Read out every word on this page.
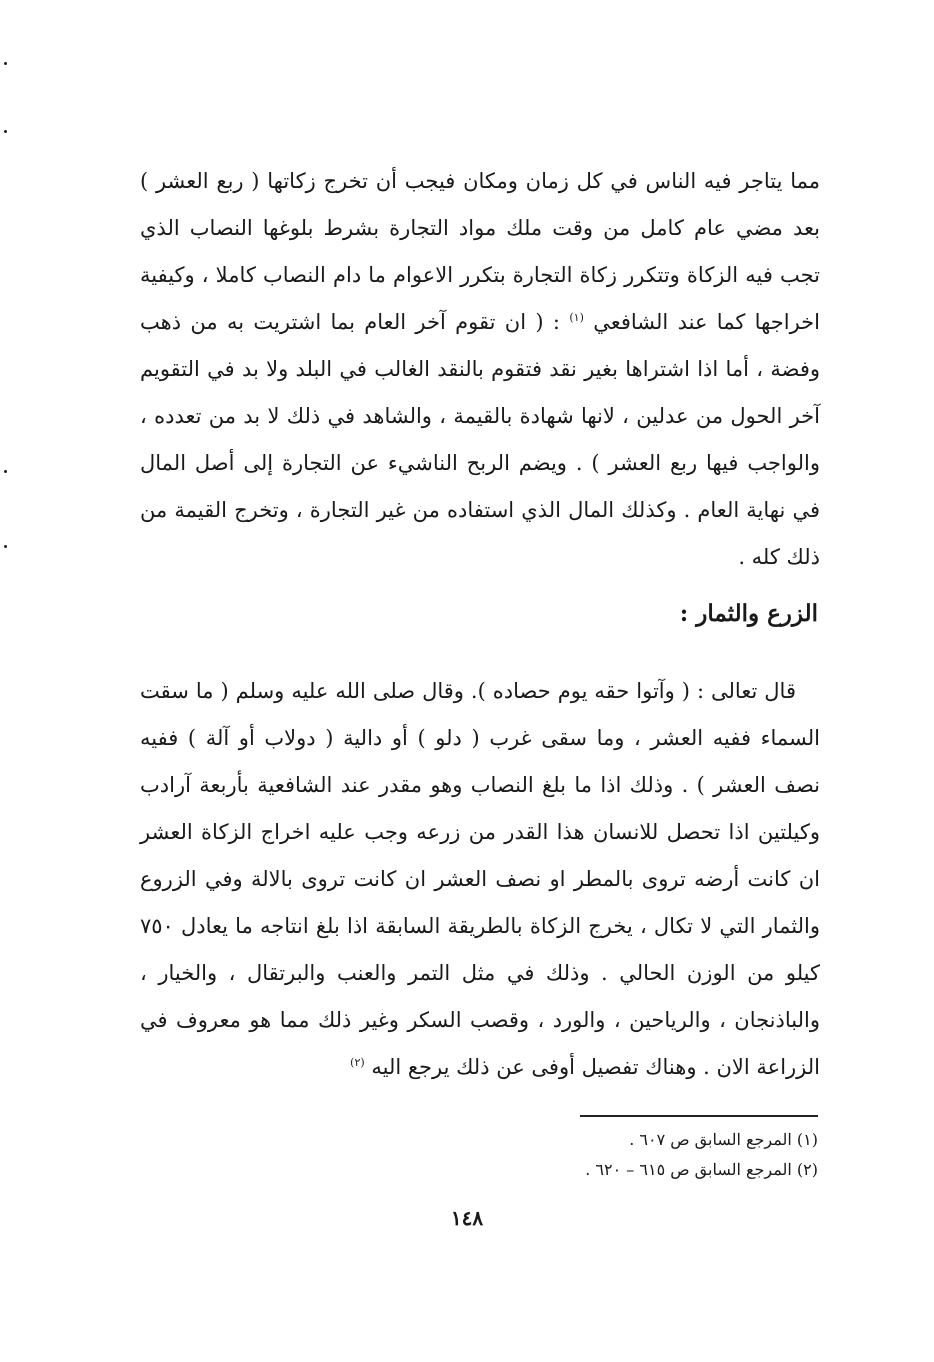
مما يتاجر فيه الناس في كل زمان ومكان فيجب أن تخرج زكاتها ( ربع العشر ) بعد مضي عام كامل من وقت ملك مواد التجارة بشرط بلوغها النصاب الذي تجب فيه الزكاة وتتكرر زكاة التجارة بتكرر الاعوام ما دام النصاب كاملا ، وكيفية اخراجها كما عند الشافعي $^{(١)}$ : ( ان تقوم آخر العام بما اشتريت به من ذهب وفضة ، أما اذا اشتراها بغير نقد فتقوم بالنقد الغالب في البلد ولا بد في التقويم آخر الحول من عدلين ، لانها شهادة بالقيمة ، والشاهد في ذلك لا بد من تعدده ، والواجب فيها ربع العشر ) . ويضم الربح الناشيء عن التجارة إلى أصل المال في نهاية العام . وكذلك المال الذي استفاده من غير التجارة ، وتخرج القيمة من ذلك كله .

الزرع والثمار :

قال تعالى : ( وآتوا حقه يوم حصاده ). وقال صلى الله عليه وسلم ( ما سقت السماء ففيه العشر ، وما سقى غرب ( دلو ) أو دالية ( دولاب أو آلة ) ففيه نصف العشر ) . وذلك اذا ما بلغ النصاب وهو مقدر عند الشافعية بأربعة آرادب وكيلتين اذا تحصل للانسان هذا القدر من زرعه وجب عليه اخراج الزكاة العشر ان كانت أرضه تروى بالمطر او نصف العشر ان كانت تروى بالالة وفي الزروع والثمار التي لا تكال ، يخرج الزكاة بالطريقة السابقة اذا بلغ انتاجه ما يعادل ٧٥٠ كيلو من الوزن الحالي . وذلك في مثل التمر والعنب والبرتقال ، والخيار ، والباذنجان ، والرياحين ، والورد ، وقصب السكر وغير ذلك مما هو معروف في الزراعة الان . وهناك تفصيل أوفى عن ذلك يرجع اليه $^{(٢)}$

(١) المرجع السابق ص ٦٠٧ .

(٢) المرجع السابق ص ٦١٥ – ٦٢٠ .

١٤٨
